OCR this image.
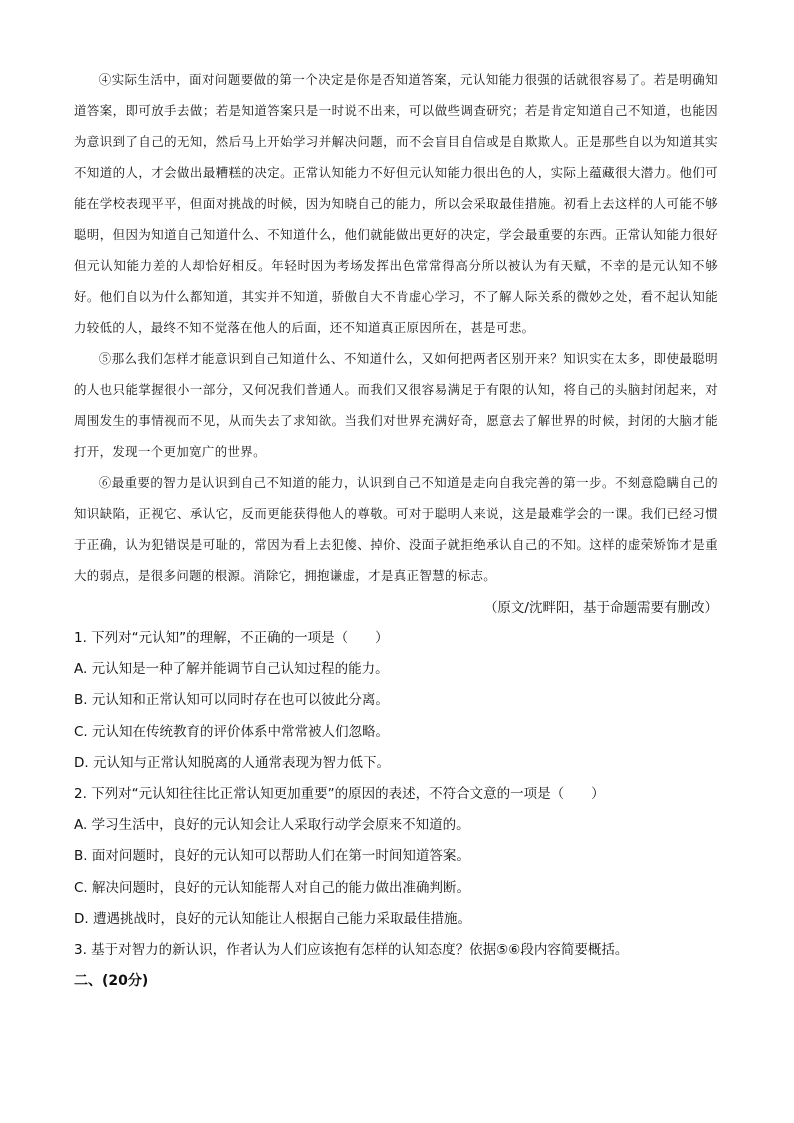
④实际生活中，面对问题要做的第一个决定是你是否知道答案，元认知能力很强的话就很容易了。若是明确知道答案，即可放手去做；若是知道答案只是一时说不出来，可以做些调查研究；若是肯定知道自己不知道，也能因为意识到了自己的无知，然后马上开始学习并解决问题，而不会盲目自信或是自欺欺人。正是那些自以为知道其实不知道的人，才会做出最糟糕的决定。正常认知能力不好但元认知能力很出色的人，实际上蕴藏很大潜力。他们可能在学校表现平平，但面对挑战的时候，因为知晓自己的能力，所以会采取最佳措施。初看上去这样的人可能不够聪明，但因为知道自己知道什么、不知道什么，他们就能做出更好的决定，学会最重要的东西。正常认知能力很好但元认知能力差的人却恰好相反。年轻时因为考场发挥出色常常得高分所以被认为有天赋，不幸的是元认知不够好。他们自以为什么都知道，其实并不知道，骄傲自大不肯虚心学习，不了解人际关系的微妙之处，看不起认知能力较低的人，最终不知不觉落在他人的后面，还不知道真正原因所在，甚是可悲。

⑤那么我们怎样才能意识到自己知道什么、不知道什么，又如何把两者区别开来？知识实在太多，即使最聪明的人也只能掌握很小一部分，又何况我们普通人。而我们又很容易满足于有限的认知，将自己的头脑封闭起来，对周围发生的事情视而不见，从而失去了求知欲。当我们对世界充满好奇，愿意去了解世界的时候，封闭的大脑才能打开，发现一个更加宽广的世界。

⑥最重要的智力是认识到自己不知道的能力，认识到自己不知道是走向自我完善的第一步。不刻意隐瞒自己的知识缺陷，正视它、承认它，反而更能获得他人的尊敬。可对于聪明人来说，这是最难学会的一课。我们已经习惯于正确，认为犯错误是可耻的，常因为看上去犯傻、掉价、没面子就拒绝承认自己的不知。这样的虚荣矫饰才是重大的弱点，是很多问题的根源。消除它，拥抱谦虚，才是真正智慧的标志。

（原文/沈畔阳，基于命题需要有删改）

1. 下列对“元认知”的理解，不正确的一项是（　　）

A. 元认知是一种了解并能调节自己认知过程的能力。

B. 元认知和正常认知可以同时存在也可以彼此分离。

C. 元认知在传统教育的评价体系中常常被人们忽略。

D. 元认知与正常认知脱离的人通常表现为智力低下。

2. 下列对“元认知往往比正常认知更加重要”的原因的表述，不符合文意的一项是（　　）

A. 学习生活中，良好的元认知会让人采取行动学会原来不知道的。

B. 面对问题时，良好的元认知可以帮助人们在第一时间知道答案。

C. 解决问题时，良好的元认知能帮人对自己的能力做出准确判断。

D. 遭遇挑战时，良好的元认知能让人根据自己能力采取最佳措施。

3. 基于对智力的新认识，作者认为人们应该抱有怎样的认知态度？依据⑤⑥段内容简要概括。

二、(20分)
